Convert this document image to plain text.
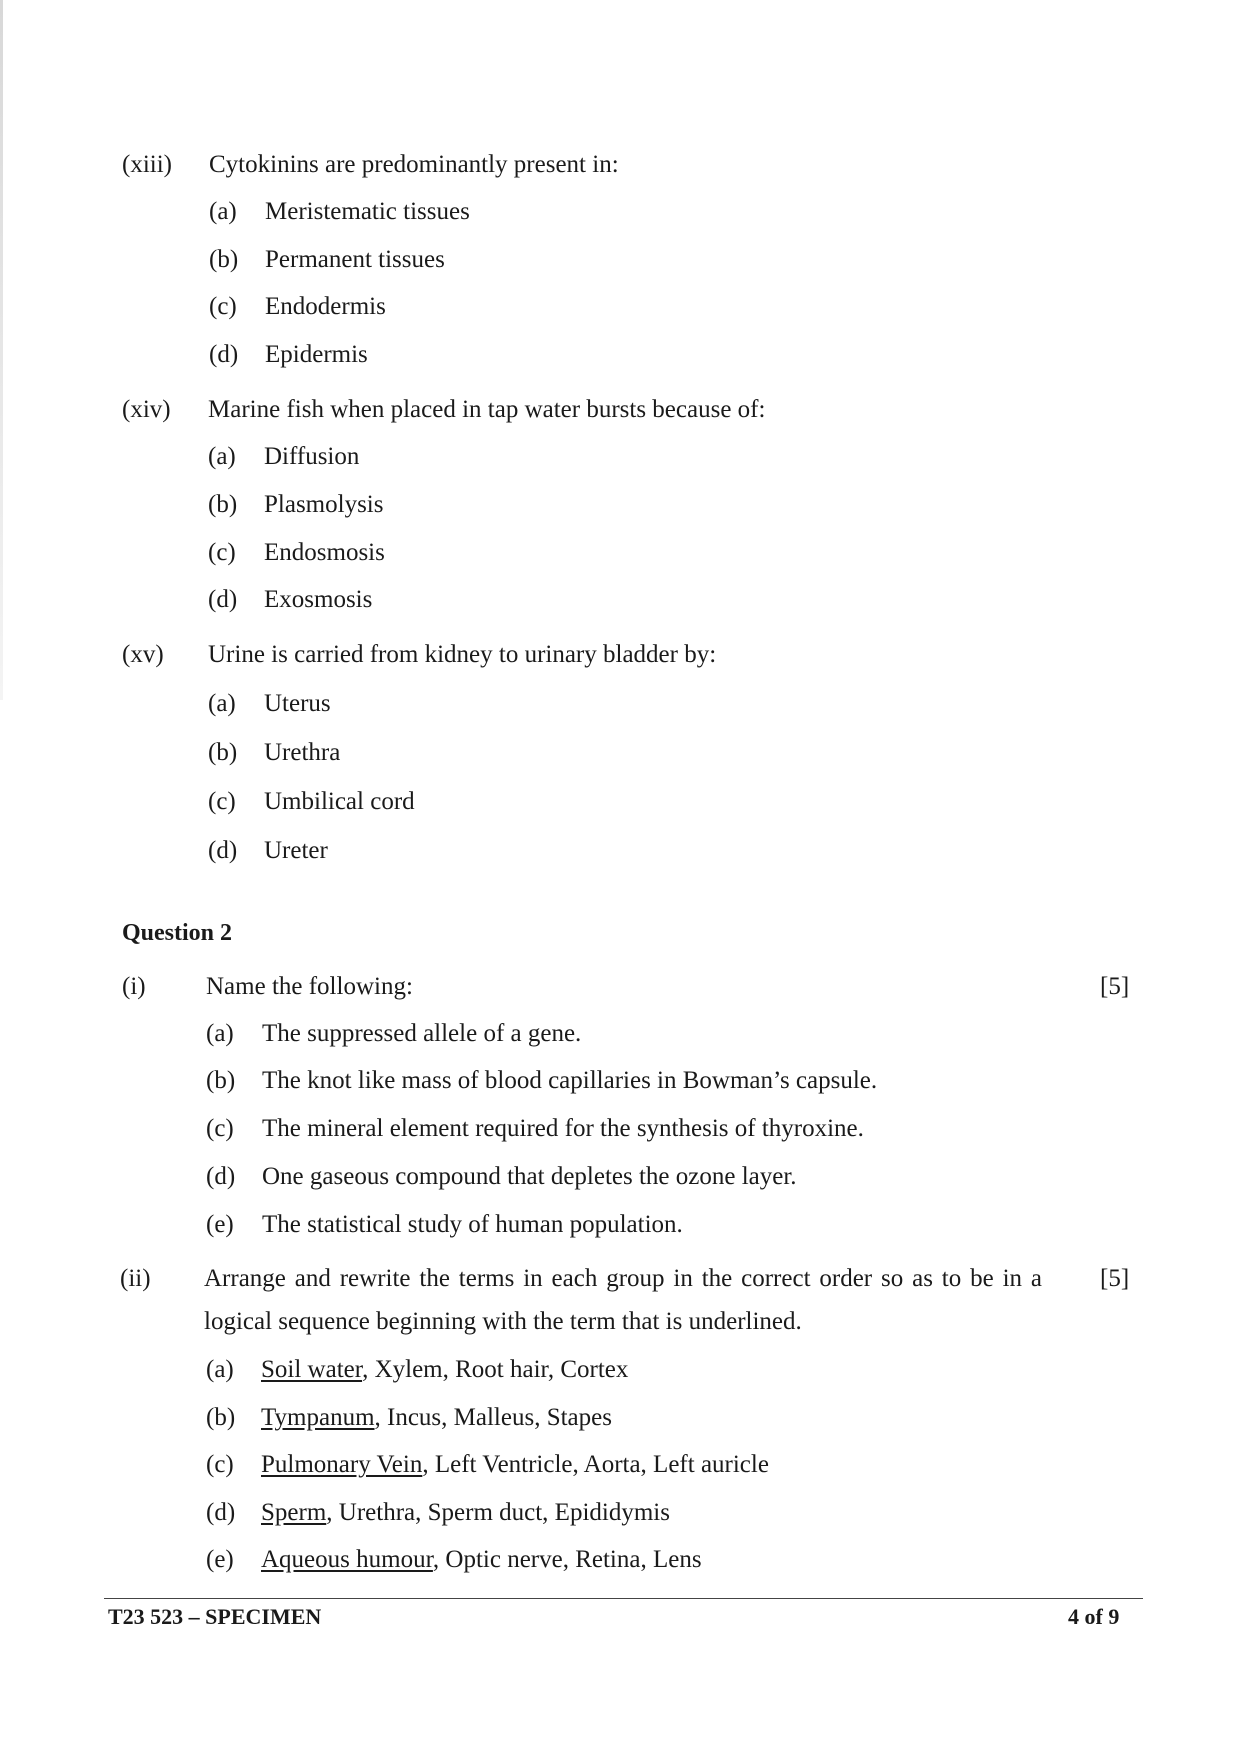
(xiii) Cytokinins are predominantly present in:
(a) Meristematic tissues
(b) Permanent tissues
(c) Endodermis
(d) Epidermis
(xiv) Marine fish when placed in tap water bursts because of:
(a) Diffusion
(b) Plasmolysis
(c) Endosmosis
(d) Exosmosis
(xv) Urine is carried from kidney to urinary bladder by:
(a) Uterus
(b) Urethra
(c) Umbilical cord
(d) Ureter
Question 2
(i) Name the following:	[5]
(a) The suppressed allele of a gene.
(b) The knot like mass of blood capillaries in Bowman’s capsule.
(c) The mineral element required for the synthesis of thyroxine.
(d) One gaseous compound that depletes the ozone layer.
(e) The statistical study of human population.
(ii) Arrange and rewrite the terms in each group in the correct order so as to be in a [5]
logical sequence beginning with the term that is underlined.
(a) Soil water, Xylem, Root hair, Cortex
(b) Tympanum, Incus, Malleus, Stapes
(c) Pulmonary Vein, Left Ventricle, Aorta, Left auricle
(d) Sperm, Urethra, Sperm duct, Epididymis
(e) Aqueous humour, Optic nerve, Retina, Lens
T23 523 – SPECIMEN	4 of 9
